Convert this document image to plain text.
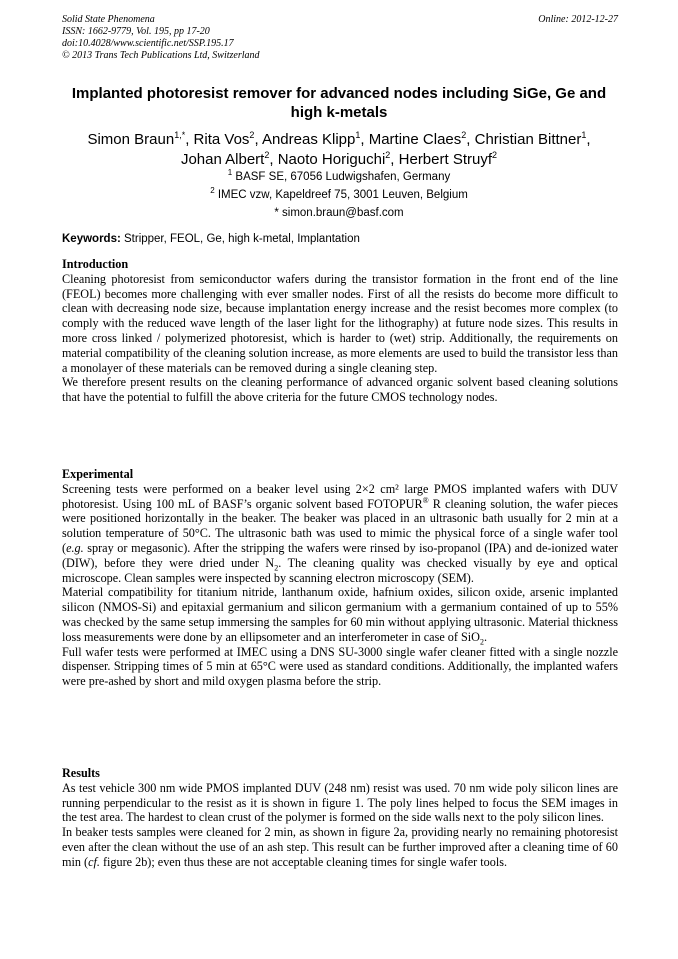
Solid State Phenomena
ISSN: 1662-9779, Vol. 195, pp 17-20
doi:10.4028/www.scientific.net/SSP.195.17
© 2013 Trans Tech Publications Ltd, Switzerland
Online: 2012-12-27
Implanted photoresist remover for advanced nodes including SiGe, Ge and high k-metals
Simon Braun$^{1,*}$, Rita Vos$^2$, Andreas Klipp$^1$, Martine Claes$^2$, Christian Bittner$^1$,
Johan Albert$^2$, Naoto Horiguchi$^2$, Herbert Struyf$^2$
$^1$ BASF SE, 67056 Ludwigshafen, Germany
$^2$ IMEC vzw, Kapeldreef 75, 3001 Leuven, Belgium
* simon.braun@basf.com
Keywords: Stripper, FEOL, Ge, high k-metal, Implantation
Introduction

Cleaning photoresist from semiconductor wafers during the transistor formation in the front end of the line (FEOL) becomes more challenging with ever smaller nodes. First of all the resists do become more difficult to clean with decreasing node size, because implantation energy increase and the resist becomes more complex (to comply with the reduced wave length of the laser light for the lithography) at future node sizes. This results in more cross linked / polymerized photoresist, which is harder to (wet) strip. Additionally, the requirements on material compatibility of the cleaning solution increase, as more elements are used to build the transistor less than a monolayer of these materials can be removed during a single cleaning step.

We therefore present results on the cleaning performance of advanced organic solvent based cleaning solutions that have the potential to fulfill the above criteria for the future CMOS technology nodes.

Experimental

Screening tests were performed on a beaker level using 2×2 cm² large PMOS implanted wafers with DUV photoresist. Using 100 mL of BASF’s organic solvent based FOTOPUR® R cleaning solution, the wafer pieces were positioned horizontally in the beaker. The beaker was placed in an ultrasonic bath usually for 2 min at a solution temperature of 50°C. The ultrasonic bath was used to mimic the physical force of a single wafer tool (e.g. spray or megasonic). After the stripping the wafers were rinsed by iso-propanol (IPA) and de-ionized water (DIW), before they were dried under $N_2$. The cleaning quality was checked visually by eye and optical microscope. Clean samples were inspected by scanning electron microscopy (SEM).

Material compatibility for titanium nitride, lanthanum oxide, hafnium oxides, silicon oxide, arsenic implanted silicon (NMOS-Si) and epitaxial germanium and silicon germanium with a germanium contained of up to 55% was checked by the same setup immersing the samples for 60 min without applying ultrasonic. Material thickness loss measurements were done by an ellipsometer and an interferometer in case of SiO$_2$.

Full wafer tests were performed at IMEC using a DNS SU-3000 single wafer cleaner fitted with a single nozzle dispenser. Stripping times of 5 min at 65°C were used as standard conditions. Additionally, the implanted wafers were pre-ashed by short and mild oxygen plasma before the strip.

Results

As test vehicle 300 nm wide PMOS implanted DUV (248 nm) resist was used. 70 nm wide poly silicon lines are running perpendicular to the resist as it is shown in figure 1. The poly lines helped to focus the SEM images in the test area. The hardest to clean crust of the polymer is formed on the side walls next to the poly silicon lines.

In beaker tests samples were cleaned for 2 min, as shown in figure 2a, providing nearly no remaining photoresist even after the clean without the use of an ash step. This result can be further improved after a cleaning time of 60 min (cf. figure 2b); even thus these are not acceptable cleaning times for single wafer tools.
